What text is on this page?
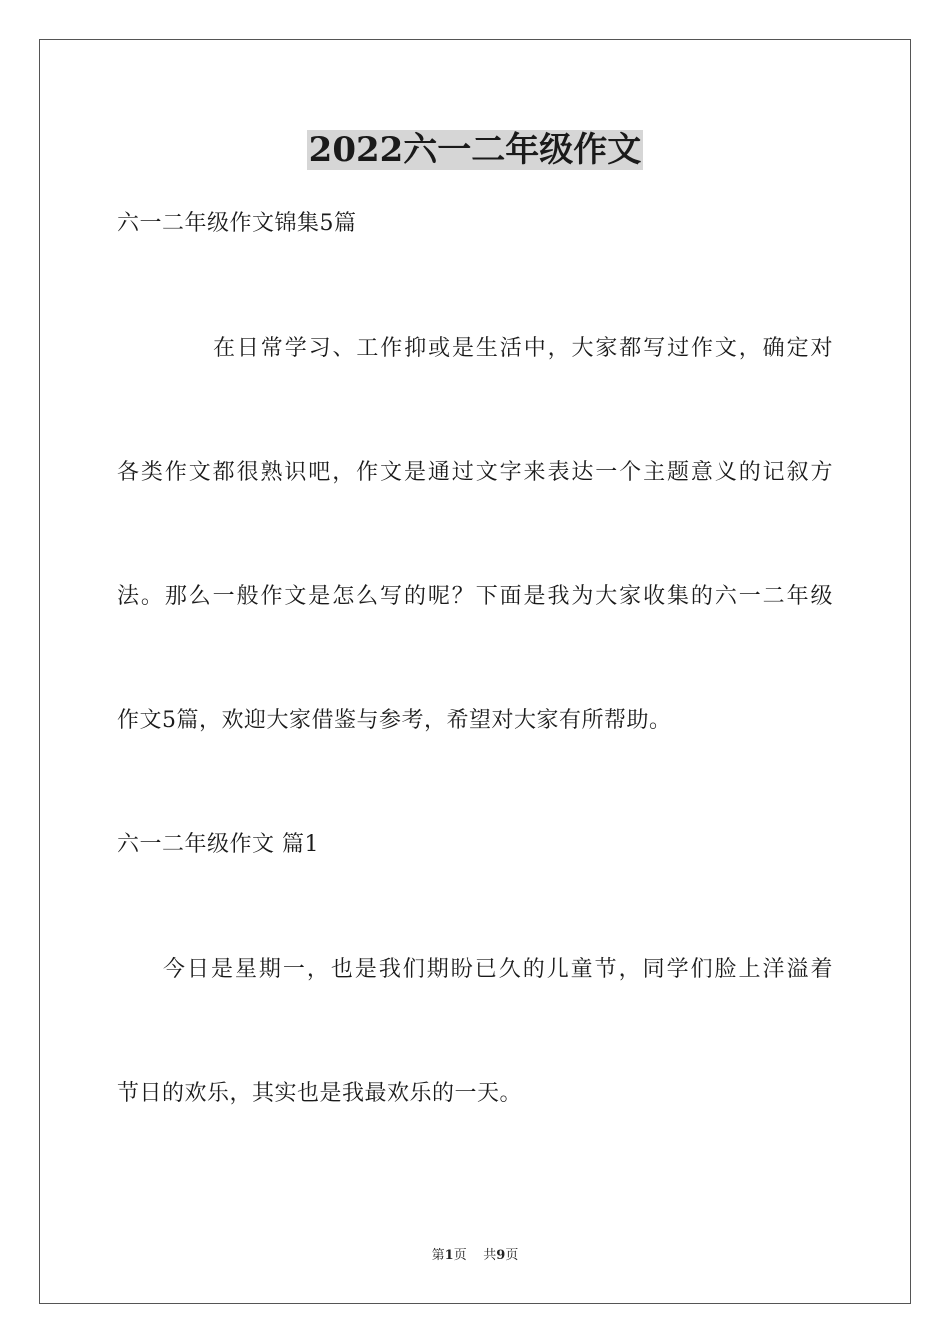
2022六一二年级作文
六一二年级作文锦集5篇
在日常学习、工作抑或是生活中，大家都写过作文，确定对
各类作文都很熟识吧，作文是通过文字来表达一个主题意义的记叙方
法。那么一般作文是怎么写的呢？下面是我为大家收集的六一二年级
作文5篇，欢迎大家借鉴与参考，希望对大家有所帮助。
六一二年级作文 篇1
今日是星期一，也是我们期盼已久的儿童节，同学们脸上洋溢着
节日的欢乐，其实也是我最欢乐的一天。
第1页 共9页
